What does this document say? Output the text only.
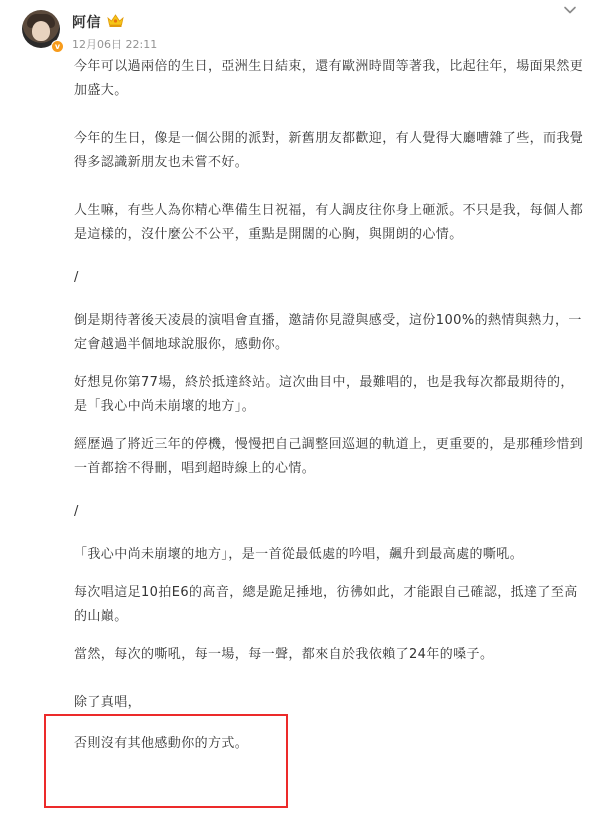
v
阿信
12月06日 22:11

今年可以過兩倍的生日，亞洲生日結束，還有歐洲時間等著我，比起往年，場面果然更加盛大。

今年的生日，像是一個公開的派對，新舊朋友都歡迎，有人覺得大廳嘈雜了些，而我覺得多認識新朋友也未嘗不好。

人生嘛，有些人為你精心準備生日祝福，有人調皮往你身上砸派。不只是我，每個人都是這樣的，沒什麼公不公平，重點是開闊的心胸，與開朗的心情。

/

倒是期待著後天凌晨的演唱會直播，邀請你見證與感受，這份100%的熱情與熱力，一定會越過半個地球說服你，感動你。

好想見你第77場，終於抵達終站。這次曲目中，最難唱的，也是我每次都最期待的，是「我心中尚未崩壞的地方」。

經歷過了將近三年的停機，慢慢把自己調整回巡迴的軌道上，更重要的，是那種珍惜到一首都捨不得刪，唱到超時線上的心情。

/

「我心中尚未崩壞的地方」，是一首從最低處的吟唱，飆升到最高處的嘶吼。

每次唱這足10拍E6的高音，總是跪足捶地，彷彿如此，才能跟自己確認，抵達了至高的山巔。

當然，每次的嘶吼，每一場，每一聲，都來自於我依賴了24年的嗓子。

除了真唱，

否則沒有其他感動你的方式。
